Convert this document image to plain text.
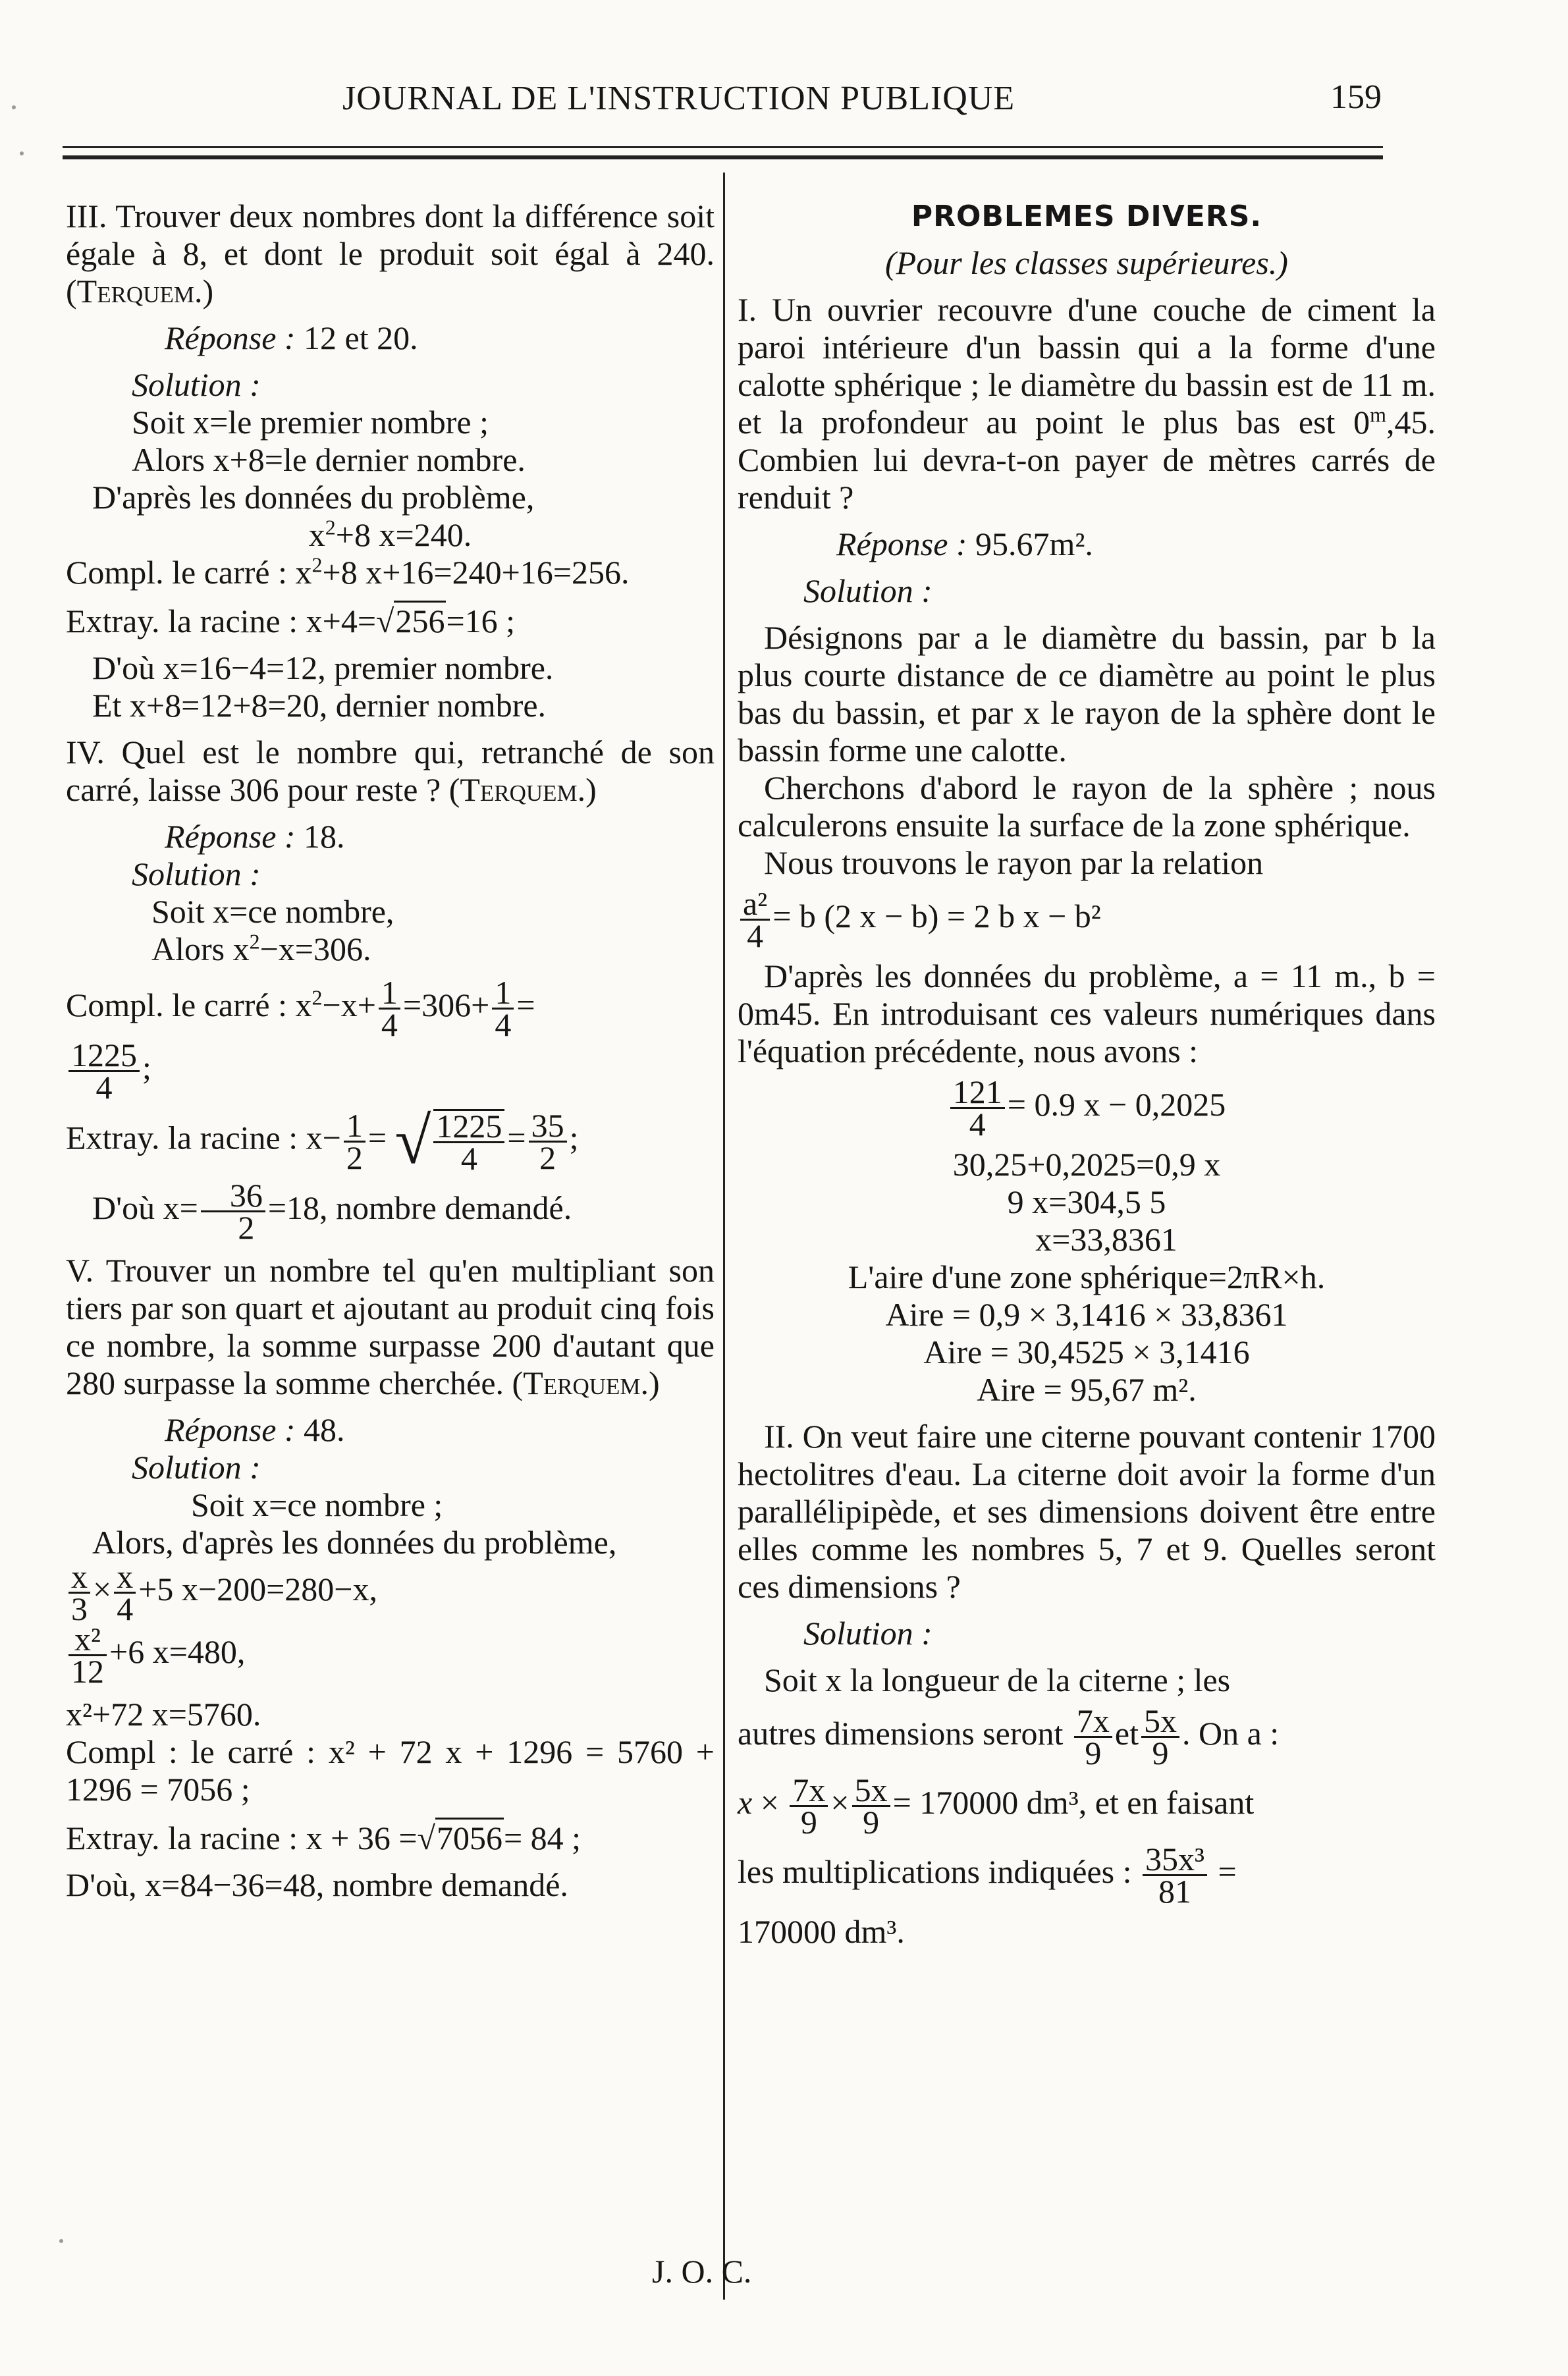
JOURNAL DE L'INSTRUCTION PUBLIQUE	159

III. Trouver deux nombres dont la différence soit égale à 8, et dont le produit soit égal à 240. (Terquem.)

Réponse : 12 et 20.

Solution :

Soit x=le premier nombre ;

Alors x+8=le dernier nombre.

D'après les données du problème,

$x^2+8$ x=240.

Compl. le carré : $x^2+8$ x+16=240+16=256.

Extray. la racine : x+4=√256=16 ;

D'où x=16−4=12, premier nombre.

Et x+8=12+8=20, dernier nombre.

IV. Quel est le nombre qui, retranché de son carré, laisse 306 pour reste ? (Terquem.)

Réponse : 18.

Solution :

Soit x=ce nombre,

Alors $x^2-x=306$.

Compl. le carré : $x^2-x+ \frac{1}{4} =306+ \frac{1}{4}$ =

$\frac{1225}{4}$ ;

Extray. la racine : $x- \frac{1}{2}$ = √ $\frac{1225}{4} = \frac{35}{2}$ ;

D'où $x= \frac{36}{2} =18$, nombre demandé.

V. Trouver un nombre tel qu'en multipliant son tiers par son quart et ajoutant au produit cinq fois ce nombre, la somme surpasse 200 d'autant que 280 surpasse la somme cherchée. (Terquem.)

Réponse : 48.

Solution :

Soit x=ce nombre ;

Alors, d'après les données du problème,

$\frac{x}{3} \times \frac{x}{4} +5$ x−200=280−x,

$\frac{\text{x²}}{12} +6$ x=480,

x²+72 x=5760.

Compl : le carré : x² + 72 x + 1296 = 5760 + 1296 = 7056 ;

Extray. la racine : x + 36 =√7056= 84 ;

D'où, x=84−36=48, nombre demandé.

J. O. C.

PROBLEMES DIVERS.

(Pour les classes supérieures.)

I. Un ouvrier recouvre d'une couche de ciment la paroi intérieure d'un bassin qui a la forme d'une calotte sphérique ; le diamètre du bassin est de 11 m. et la profondeur au point le plus bas est 0$^m$,45. Combien lui devra-t-on payer de mètres carrés de renduit ?

Réponse : 95.67m².

Solution :

Désignons par a le diamètre du bassin, par b la plus courte distance de ce diamètre au point le plus bas du bassin, et par x le rayon de la sphère dont le bassin forme une calotte.

Cherchons d'abord le rayon de la sphère ; nous calculerons ensuite la surface de la zone sphérique.

Nous trouvons le rayon par la relation

$\frac{\text{a²}}{4} = b$ (2 x − b) = 2 b x − b²

D'après les données du problème, a = 11 m., b = 0m45. En introduisant ces valeurs numériques dans l'équation précédente, nous avons :

$\frac{121}{4} = 0.9$ x − 0,2025

30,25+0,2025=0,9 x

9 x=304,5 5

x=33,8361

L'aire d'une zone sphérique=2πR×h.

Aire = 0,9 × 3,1416 × 33,8361

Aire = 30,4525 × 3,1416

Aire = 95,67 m².

II. On veut faire une citerne pouvant contenir 1700 hectolitres d'eau. La citerne doit avoir la forme d'un parallélipipède, et ses dimensions doivent être entre elles comme les nombres 5, 7 et 9. Quelles seront ces dimensions ?

Solution :

Soit x la longueur de la citerne ; les

autres dimensions seront $\frac{7x}{9}$ et $\frac{5x}{9}$ . On a :

$x \times \frac{7x}{9} \times \frac{5x}{9} = 170000$ dm³, et en faisant

les multiplications indiquées : $\frac{\text{35x³}}{81}$ =

170000 dm³.
